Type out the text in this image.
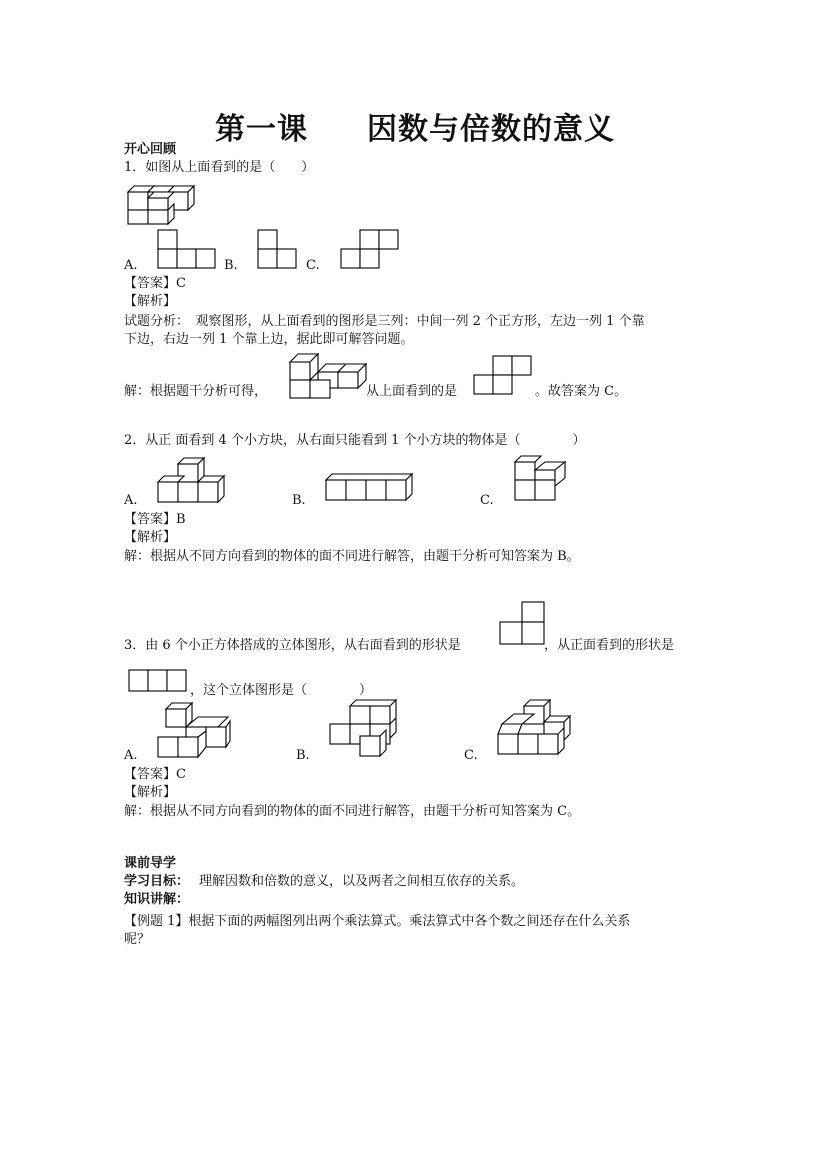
第一课 因数与倍数的意义
开心回顾
1．如图从上面看到的是（　　）
A.	B.	C.
【答案】C
【解析】
试题分析：　观察图形，从上面看到的图形是三列：中间一列 2 个正方形，左边一列 1 个靠
下边，右边一列 1 个靠上边，据此即可解答问题。
解：根据题干分析可得，	从上面看到的是	。故答案为 C。
2．从正 面看到 4 个小方块，从右面只能看到 1 个小方块的物体是（　　　　）
A.	B.	C.
【答案】B
【解析】
解：根据从不同方向看到的物体的面不同进行解答，由题干分析可知答案为 B。
3．由 6 个小正方体搭成的立体图形，从右面看到的形状是	，从正面看到的形状是
，这个立体图形是（　　　　）
A.	B.	C.
【答案】C
【解析】
解：根据从不同方向看到的物体的面不同进行解答，由题干分析可知答案为 C。
课前导学
学习目标： 理解因数和倍数的意义，以及两者之间相互依存的关系。
知识讲解：
【例题 1】根据下面的两幅图列出两个乘法算式。乘法算式中各个数之间还存在什么关系
呢？
